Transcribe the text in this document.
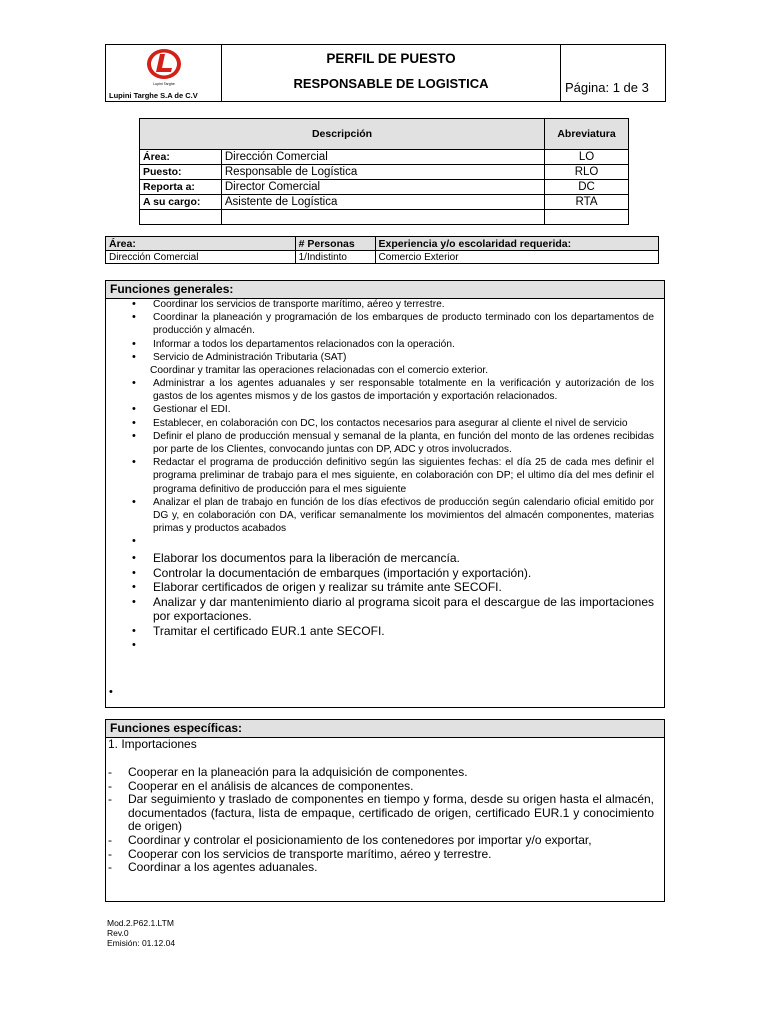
Lupini Targhe
1966
Lupini Targhe S.A de C.V
PERFIL DE PUESTO
RESPONSABLE DE LOGISTICA	Página: 1 de 3
Descripción		Abreviatura
Área:	Dirección Comercial	LO
Puesto:	Responsable de Logística	RLO
Reporta a:	Director Comercial	DC
A su cargo:	Asistente de Logística	RTA

Área:	# Personas	Experiencia y/o escolaridad requerida:
Dirección Comercial	1/Indistinto	Comercio Exterior
Funciones generales:
• Coordinar los servicios de transporte marítimo, aéreo y terrestre.
• Coordinar la planeación y programación de los embarques de producto terminado con los departamentos de producción y almacén.
• Informar a todos los departamentos relacionados con la operación.
• Servicio de Administración Tributaria (SAT)
Coordinar y tramitar las operaciones relacionadas con el comercio exterior.
• Administrar a los agentes aduanales y ser responsable totalmente en la verificación y autorización de los gastos de los agentes mismos y de los gastos de importación y exportación relacionados.
• Gestionar el EDI.
• Establecer, en colaboración con DC, los contactos necesarios para asegurar al cliente el nivel de servicio
• Definir el plano de producción mensual y semanal de la planta, en función del monto de las ordenes recibidas por parte de los Clientes, convocando juntas con DP, ADC y otros involucrados.
• Redactar el programa de producción definitivo según las siguientes fechas: el día 25 de cada mes definir el programa preliminar de trabajo para el mes siguiente, en colaboración con DP; el ultimo día del mes definir el programa definitivo de producción para el mes siguiente
• Analizar el plan de trabajo en función de los días efectivos de producción según calendario oficial emitido por DG y, en colaboración con DA, verificar semanalmente los movimientos del almacén componentes, materias primas y productos acabados
•
• Elaborar los documentos para la liberación de mercancía.
• Controlar la documentación de embarques (importación y exportación).
• Elaborar certificados de origen y realizar su trámite ante SECOFI.
• Analizar y dar mantenimiento diario al programa sicoit para el descargue de las importaciones por exportaciones.
• Tramitar el certificado EUR.1 ante SECOFI.
•
•
Funciones específicas:
1. Importaciones
- Cooperar en la planeación para la adquisición de componentes.
- Cooperar en el análisis de alcances de componentes.
- Dar seguimiento y traslado de componentes en tiempo y forma, desde su origen hasta el almacén, documentados (factura, lista de empaque, certificado de origen, certificado EUR.1 y conocimiento de origen)
- Coordinar y controlar el posicionamiento de los contenedores por importar y/o exportar,
- Cooperar con los servicios de transporte marítimo, aéreo y terrestre.
- Coordinar a los agentes aduanales.
Mod.2.P62.1.LTM
Rev.0
Emisión: 01.12.04
